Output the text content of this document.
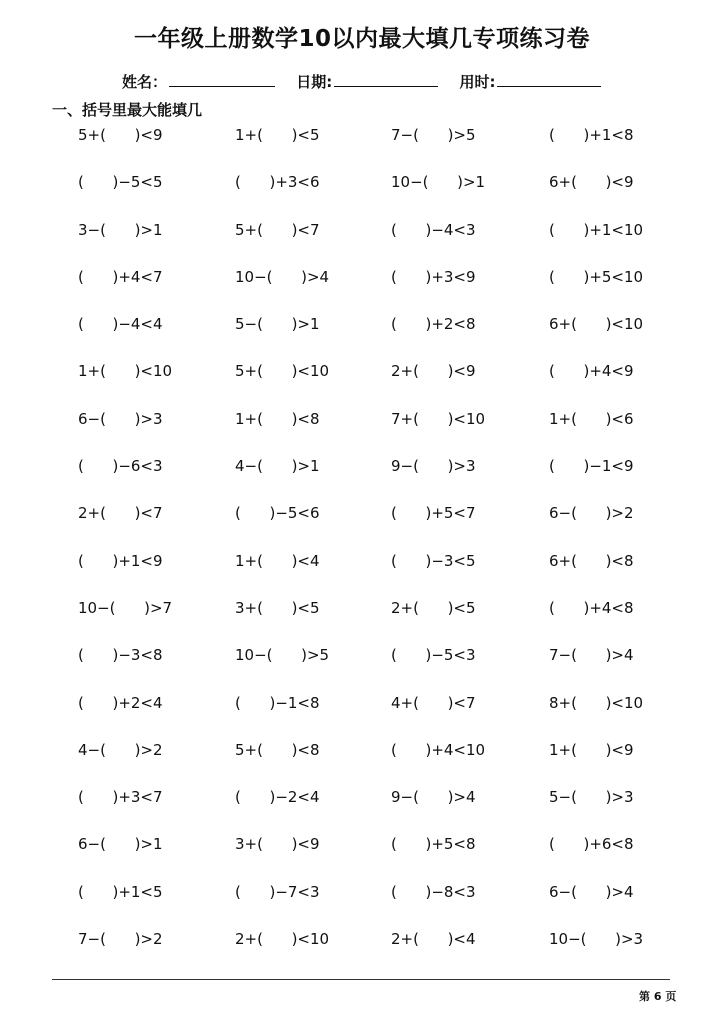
一年级上册数学10以内最大填几专项练习卷
姓名：	日期:	用时:
一、括号里最大能填几
5+(      )<9	1+(      )<5	7−(      )>5	(      )+1<8
(      )−5<5	(      )+3<6	10−(      )>1	6+(      )<9
3−(      )>1	5+(      )<7	(      )−4<3	(      )+1<10
(      )+4<7	10−(      )>4	(      )+3<9	(      )+5<10
(      )−4<4	5−(      )>1	(      )+2<8	6+(      )<10
1+(      )<10	5+(      )<10	2+(      )<9	(      )+4<9
6−(      )>3	1+(      )<8	7+(      )<10	1+(      )<6
(      )−6<3	4−(      )>1	9−(      )>3	(      )−1<9
2+(      )<7	(      )−5<6	(      )+5<7	6−(      )>2
(      )+1<9	1+(      )<4	(      )−3<5	6+(      )<8
10−(      )>7	3+(      )<5	2+(      )<5	(      )+4<8
(      )−3<8	10−(      )>5	(      )−5<3	7−(      )>4
(      )+2<4	(      )−1<8	4+(      )<7	8+(      )<10
4−(      )>2	5+(      )<8	(      )+4<10	1+(      )<9
(      )+3<7	(      )−2<4	9−(      )>4	5−(      )>3
6−(      )>1	3+(      )<9	(      )+5<8	(      )+6<8
(      )+1<5	(      )−7<3	(      )−8<3	6−(      )>4
7−(      )>2	2+(      )<10	2+(      )<4	10−(      )>3
第 6 页
